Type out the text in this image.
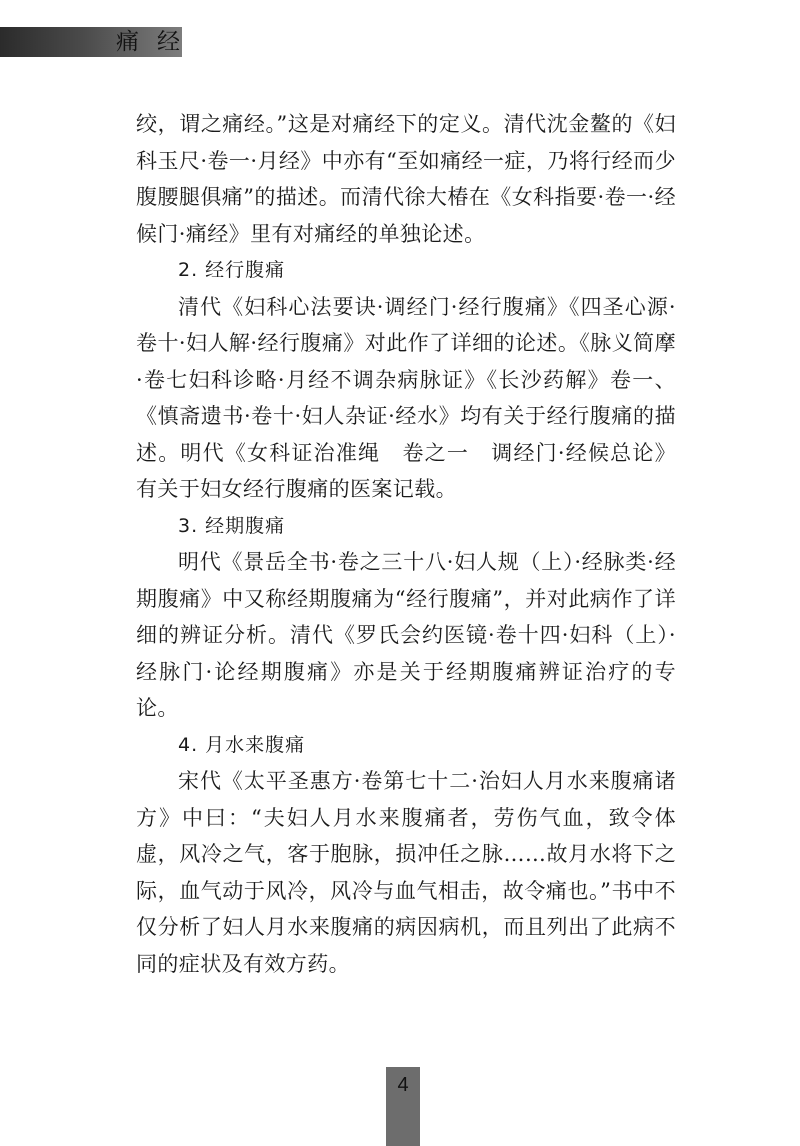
痛经

绞，谓之痛经。”这是对痛经下的定义。清代沈金鳌的《妇科玉尺·卷一·月经》中亦有“至如痛经一症，乃将行经而少腹腰腿俱痛”的描述。而清代徐大椿在《女科指要·卷一·经候门·痛经》里有对痛经的单独论述。

2. 经行腹痛

清代《妇科心法要诀·调经门·经行腹痛》《四圣心源·卷十·妇人解·经行腹痛》对此作了详细的论述。《脉义简摩·卷七妇科诊略·月经不调杂病脉证》《长沙药解》卷一、《慎斋遗书·卷十·妇人杂证·经水》均有关于经行腹痛的描述。明代《女科证治准绳　卷之一　调经门·经候总论》有关于妇女经行腹痛的医案记载。

3. 经期腹痛

明代《景岳全书·卷之三十八·妇人规（上）·经脉类·经期腹痛》中又称经期腹痛为“经行腹痛”，并对此病作了详细的辨证分析。清代《罗氏会约医镜·卷十四·妇科（上）·经脉门·论经期腹痛》亦是关于经期腹痛辨证治疗的专论。

4. 月水来腹痛

宋代《太平圣惠方·卷第七十二·治妇人月水来腹痛诸方》中曰：“夫妇人月水来腹痛者，劳伤气血，致令体虚，风冷之气，客于胞脉，损冲任之脉……故月水将下之际，血气动于风冷，风冷与血气相击，故令痛也。”书中不仅分析了妇人月水来腹痛的病因病机，而且列出了此病不同的症状及有效方药。

4
